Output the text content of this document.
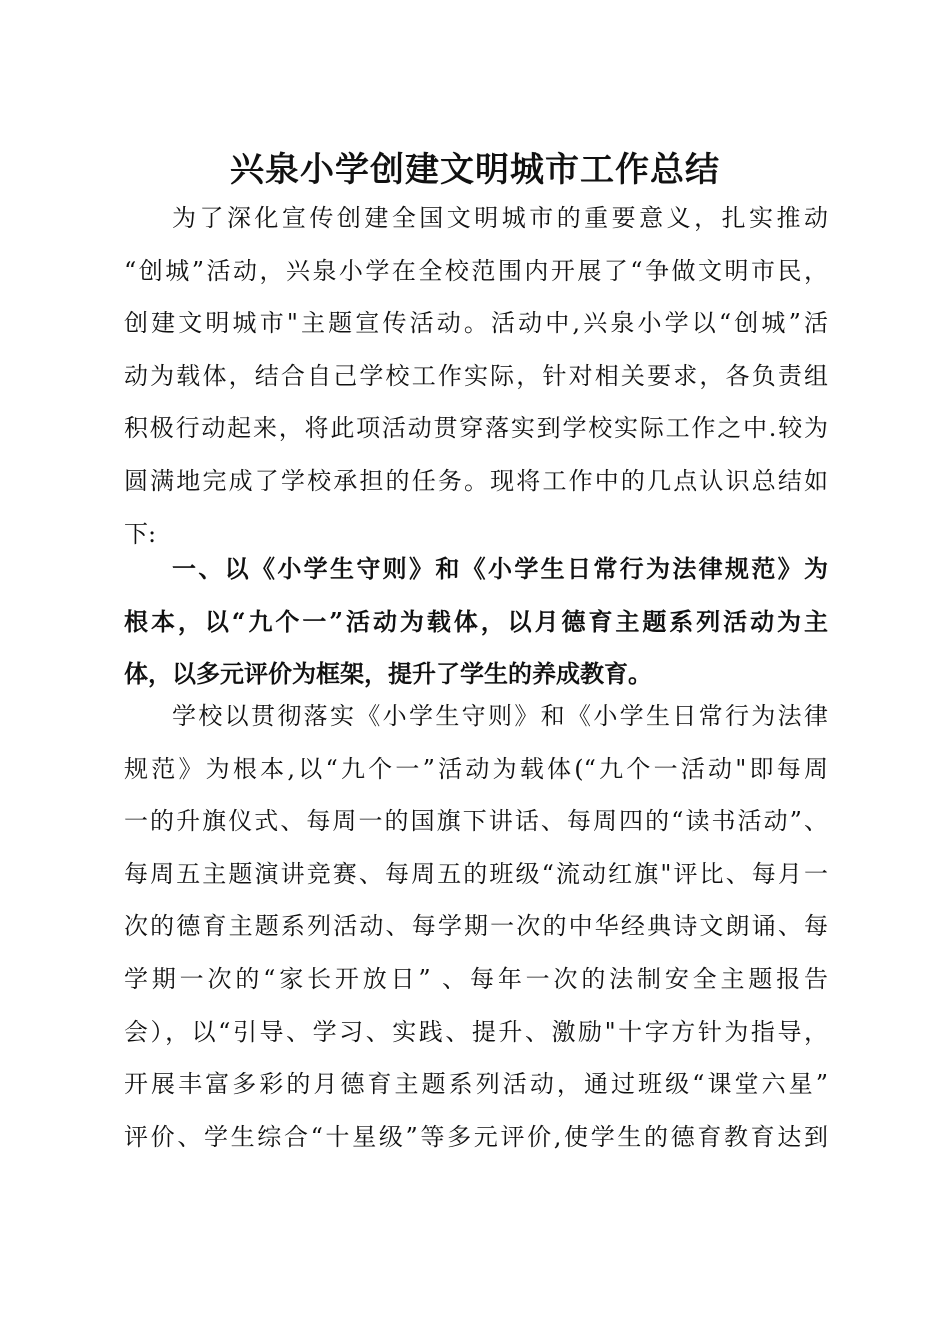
兴泉小学创建文明城市工作总结
为了深化宣传创建全国文明城市的重要意义，扎实推动
“创城”活动，兴泉小学在全校范围内开展了“争做文明市民，
创建文明城市"主题宣传活动。活动中,兴泉小学以“创城”活
动为载体，结合自己学校工作实际，针对相关要求，各负责组
积极行动起来，将此项活动贯穿落实到学校实际工作之中.较为
圆满地完成了学校承担的任务。现将工作中的几点认识总结如
下:
一、以《小学生守则》和《小学生日常行为法律规范》为
根本，以“九个一”活动为载体，以月德育主题系列活动为主
体，以多元评价为框架，提升了学生的养成教育。
学校以贯彻落实《小学生守则》和《小学生日常行为法律
规范》为根本,以“九个一”活动为载体(“九个一活动"即每周
一的升旗仪式、每周一的国旗下讲话、每周四的“读书活动”、
每周五主题演讲竞赛、每周五的班级“流动红旗"评比、每月一
次的德育主题系列活动、每学期一次的中华经典诗文朗诵、每
学期一次的“家长开放日” 、每年一次的法制安全主题报告
会），以“引导、学习、实践、提升、激励"十字方针为指导，
开展丰富多彩的月德育主题系列活动，通过班级“课堂六星”
评价、学生综合“十星级”等多元评价,使学生的德育教育达到
